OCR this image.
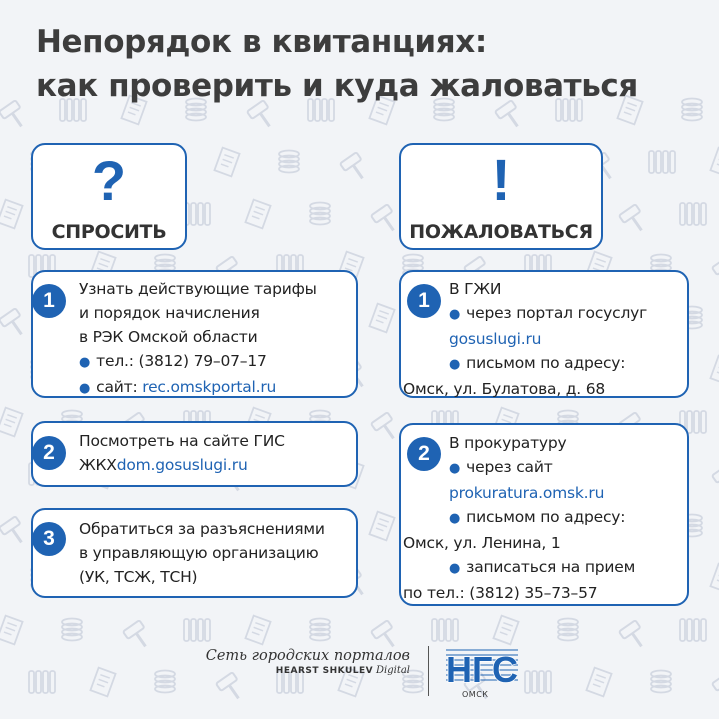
Непорядок в квитанциях:
как проверить и куда жаловаться
?
СПРОСИТЬ
!
ПОЖАЛОВАТЬСЯ
1	Узнать действующие тарифы
и порядок начисления
в РЭК Омской области
● тел.: (3812) 79–07–17
● сайт: rec.omskportal.ru
2	Посмотреть на сайте ГИС
ЖКХdom.gosuslugi.ru
3	Обратиться за разъяснениями
в управляющую организацию
(УК, ТСЖ, ТСН)
1	В ГЖИ
● через портал госуслуг
gosuslugi.ru
● письмом по адресу:
Омск, ул. Булатова, д. 68
2	В прокуратуру
● через сайт
prokuratura.omsk.ru
● письмом по адресу:
Омск, ул. Ленина, 1
● записаться на прием
по тел.: (3812) 35–73–57
Сеть городских порталов
HEARST SHKULEV Digital НГС
ОМСК
